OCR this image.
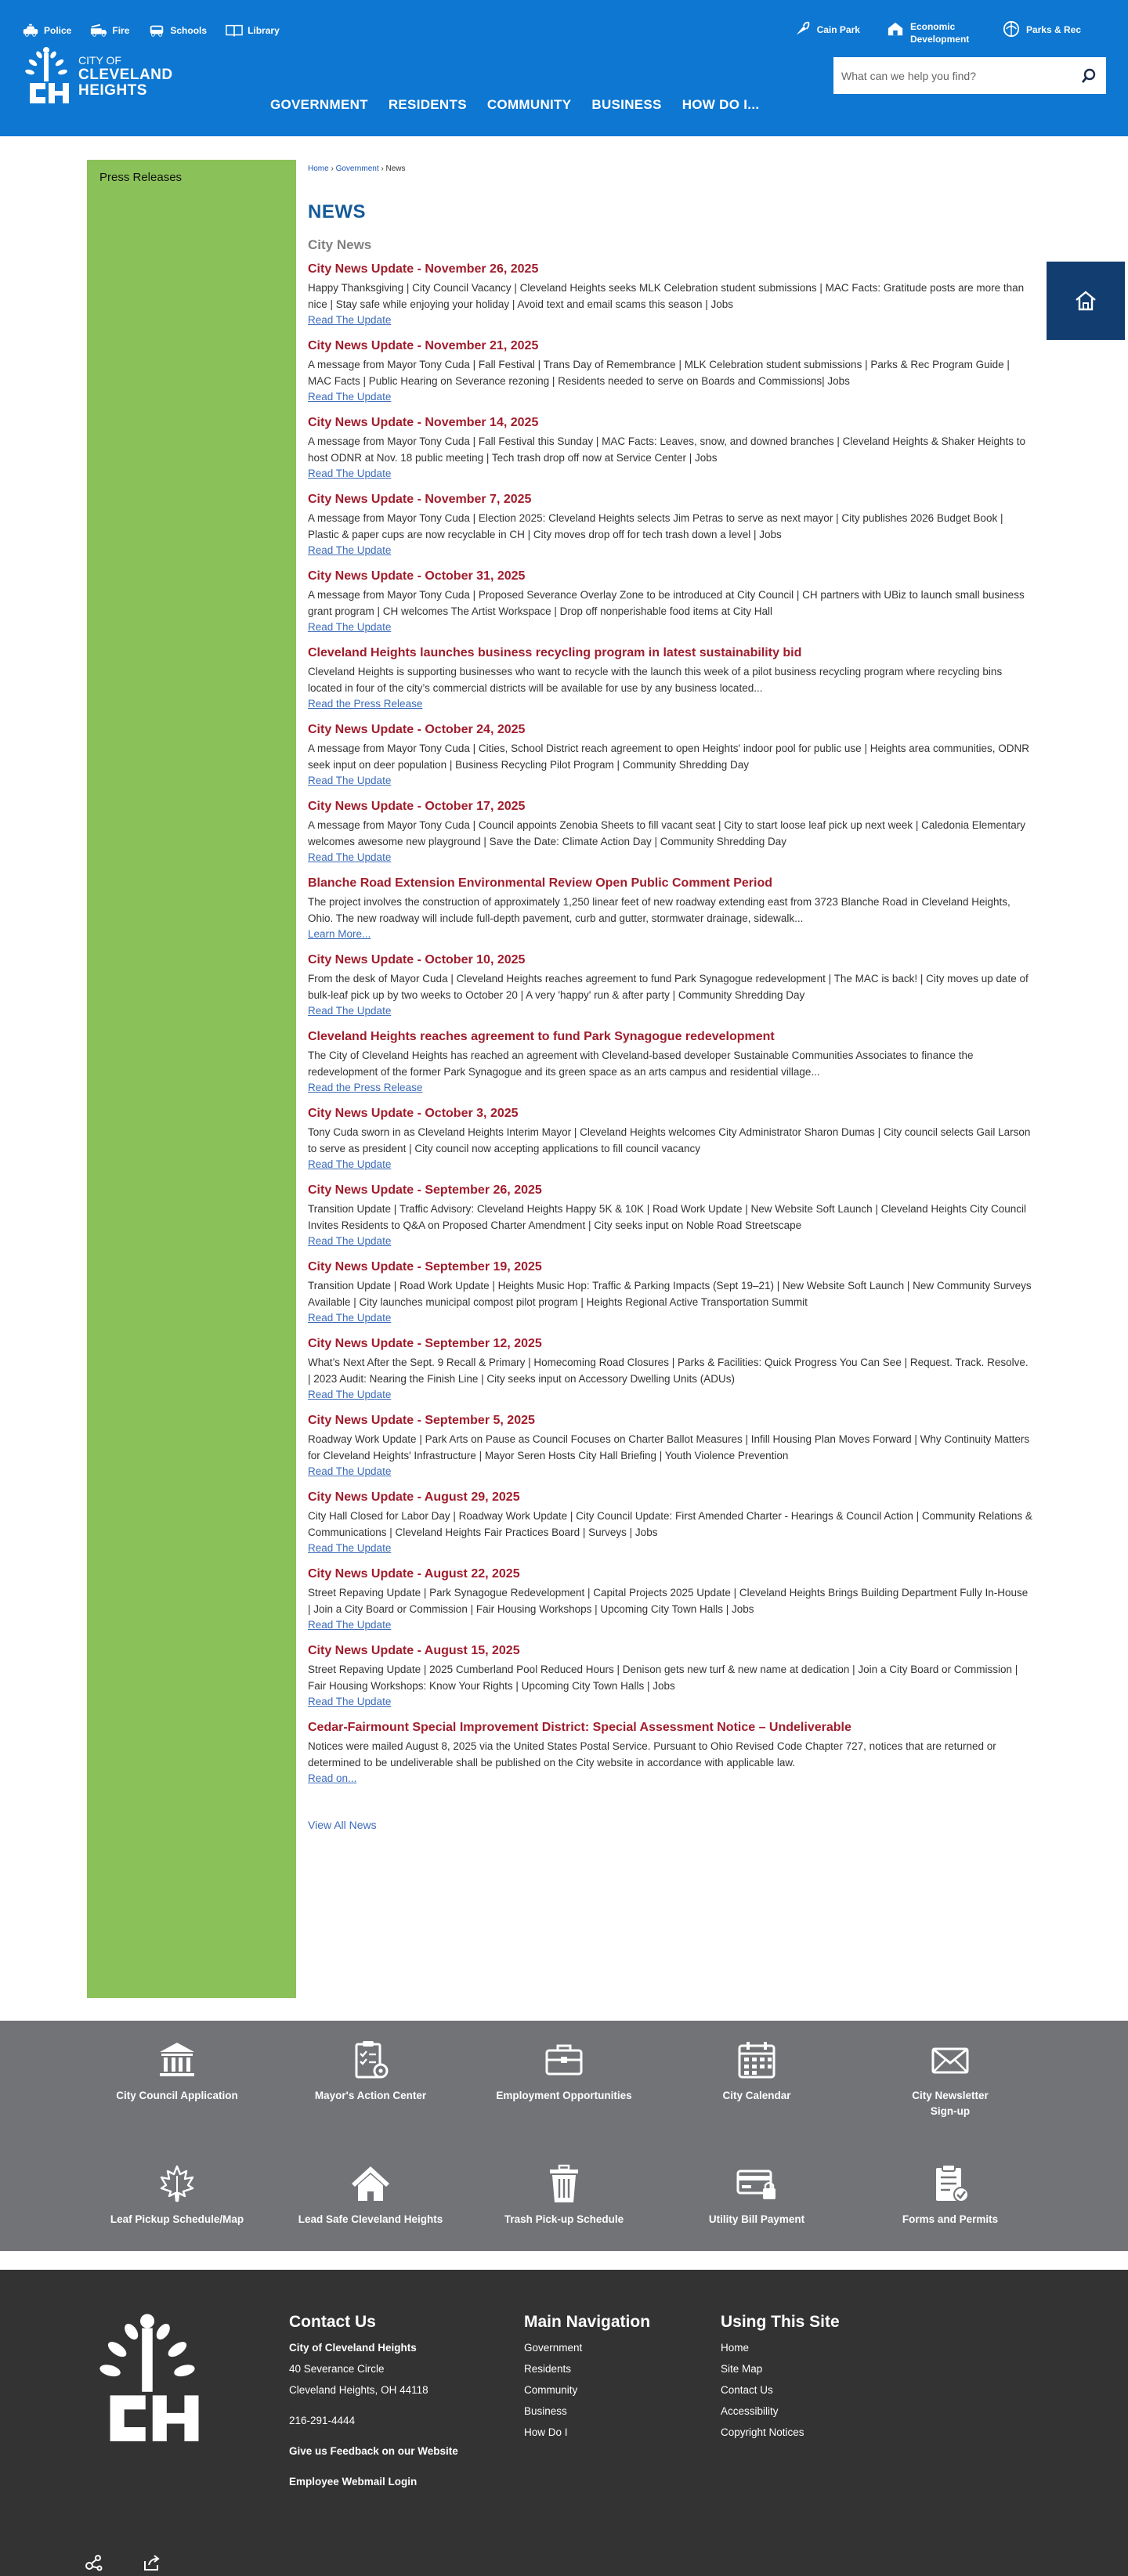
Police	Fire	Schools	Library	Cain Park	Economic Development
Parks & Rec
CITY OF
CLEVELAND
HEIGHTS
What can we help you find?
GOVERNMENT RESIDENTS COMMUNITY BUSINESS HOW DO I...
Press Releases
Home › Government › News
NEWS
City News
City News Update - November 26, 2025

Happy Thanksgiving | City Council Vacancy | Cleveland Heights seeks MLK Celebration student submissions | MAC Facts: Gratitude posts are more than nice | Stay safe while enjoying your holiday | Avoid text and email scams this season | Jobs

Read The Update
City News Update - November 21, 2025

A message from Mayor Tony Cuda | Fall Festival | Trans Day of Remembrance | MLK Celebration student submissions | Parks & Rec Program Guide | MAC Facts | Public Hearing on Severance rezoning | Residents needed to serve on Boards and Commissions| Jobs

Read The Update
City News Update - November 14, 2025

A message from Mayor Tony Cuda | Fall Festival this Sunday | MAC Facts: Leaves, snow, and downed branches | Cleveland Heights & Shaker Heights to host ODNR at Nov. 18 public meeting | Tech trash drop off now at Service Center | Jobs

Read The Update
City News Update - November 7, 2025

A message from Mayor Tony Cuda | Election 2025: Cleveland Heights selects Jim Petras to serve as next mayor | City publishes 2026 Budget Book | Plastic & paper cups are now recyclable in CH | City moves drop off for tech trash down a level | Jobs

Read The Update
City News Update - October 31, 2025

A message from Mayor Tony Cuda | Proposed Severance Overlay Zone to be introduced at City Council | CH partners with UBiz to launch small business grant program | CH welcomes The Artist Workspace | Drop off nonperishable food items at City Hall

Read The Update
Cleveland Heights launches business recycling program in latest sustainability bid

Cleveland Heights is supporting businesses who want to recycle with the launch this week of a pilot business recycling program where recycling bins located in four of the city’s commercial districts will be available for use by any business located...

Read the Press Release
City News Update - October 24, 2025

A message from Mayor Tony Cuda | Cities, School District reach agreement to open Heights' indoor pool for public use | Heights area communities, ODNR seek input on deer population | Business Recycling Pilot Program | Community Shredding Day

Read The Update
City News Update - October 17, 2025

A message from Mayor Tony Cuda | Council appoints Zenobia Sheets to fill vacant seat | City to start loose leaf pick up next week | Caledonia Elementary welcomes awesome new playground | Save the Date: Climate Action Day | Community Shredding Day

Read The Update
Blanche Road Extension Environmental Review Open Public Comment Period

The project involves the construction of approximately 1,250 linear feet of new roadway extending east from 3723 Blanche Road in Cleveland Heights, Ohio. The new roadway will include full-depth pavement, curb and gutter, stormwater drainage, sidewalk...

Learn More...
City News Update - October 10, 2025

From the desk of Mayor Cuda | Cleveland Heights reaches agreement to fund Park Synagogue redevelopment | The MAC is back! | City moves up date of bulk-leaf pick up by two weeks to October 20 | A very 'happy' run & after party | Community Shredding Day

Read The Update
Cleveland Heights reaches agreement to fund Park Synagogue redevelopment

The City of Cleveland Heights has reached an agreement with Cleveland-based developer Sustainable Communities Associates to finance the redevelopment of the former Park Synagogue and its green space as an arts campus and residential village...

Read the Press Release
City News Update - October 3, 2025

Tony Cuda sworn in as Cleveland Heights Interim Mayor | Cleveland Heights welcomes City Administrator Sharon Dumas | City council selects Gail Larson to serve as president | City council now accepting applications to fill council vacancy

Read The Update
City News Update - September 26, 2025

Transition Update | Traffic Advisory: Cleveland Heights Happy 5K & 10K | Road Work Update | New Website Soft Launch | Cleveland Heights City Council Invites Residents to Q&A on Proposed Charter Amendment | City seeks input on Noble Road Streetscape

Read The Update
City News Update - September 19, 2025

Transition Update | Road Work Update | Heights Music Hop: Traffic & Parking Impacts (Sept 19–21) | New Website Soft Launch | New Community Surveys Available | City launches municipal compost pilot program | Heights Regional Active Transportation Summit

Read The Update
City News Update - September 12, 2025

What’s Next After the Sept. 9 Recall & Primary | Homecoming Road Closures | Parks & Facilities: Quick Progress You Can See | Request. Track. Resolve. | 2023 Audit: Nearing the Finish Line | City seeks input on Accessory Dwelling Units (ADUs)

Read The Update
City News Update - September 5, 2025

Roadway Work Update | Park Arts on Pause as Council Focuses on Charter Ballot Measures | Infill Housing Plan Moves Forward | Why Continuity Matters for Cleveland Heights' Infrastructure | Mayor Seren Hosts City Hall Briefing | Youth Violence Prevention

Read The Update
City News Update - August 29, 2025

City Hall Closed for Labor Day | Roadway Work Update | City Council Update: First Amended Charter - Hearings & Council Action | Community Relations & Communications | Cleveland Heights Fair Practices Board | Surveys | Jobs

Read The Update
City News Update - August 22, 2025

Street Repaving Update | Park Synagogue Redevelopment | Capital Projects 2025 Update | Cleveland Heights Brings Building Department Fully In-House | Join a City Board or Commission | Fair Housing Workshops | Upcoming City Town Halls | Jobs

Read The Update
City News Update - August 15, 2025

Street Repaving Update | 2025 Cumberland Pool Reduced Hours | Denison gets new turf & new name at dedication | Join a City Board or Commission | Fair Housing Workshops: Know Your Rights | Upcoming City Town Halls | Jobs

Read The Update
Cedar-Fairmount Special Improvement District: Special Assessment Notice – Undeliverable

Notices were mailed August 8, 2025 via the United States Postal Service. Pursuant to Ohio Revised Code Chapter 727, notices that are returned or determined to be undeliverable shall be published on the City website in accordance with applicable law.

Read on...
View All News
City Council Application	Mayor's Action Center	Employment Opportunities	City Calendar	City Newsletter Sign-up
Leaf Pickup Schedule/Map	Lead Safe Cleveland Heights	Trash Pick-up Schedule	Utility Bill Payment	Forms and Permits
Contact Us
City of Cleveland Heights
40 Severance Circle
Cleveland Heights, OH 44118
216-291-4444
Give us Feedback on our Website
Employee Webmail Login
Main Navigation
Government
Residents
Community
Business
How Do I
Using This Site
Home
Site Map
Contact Us
Accessibility
Copyright Notices
